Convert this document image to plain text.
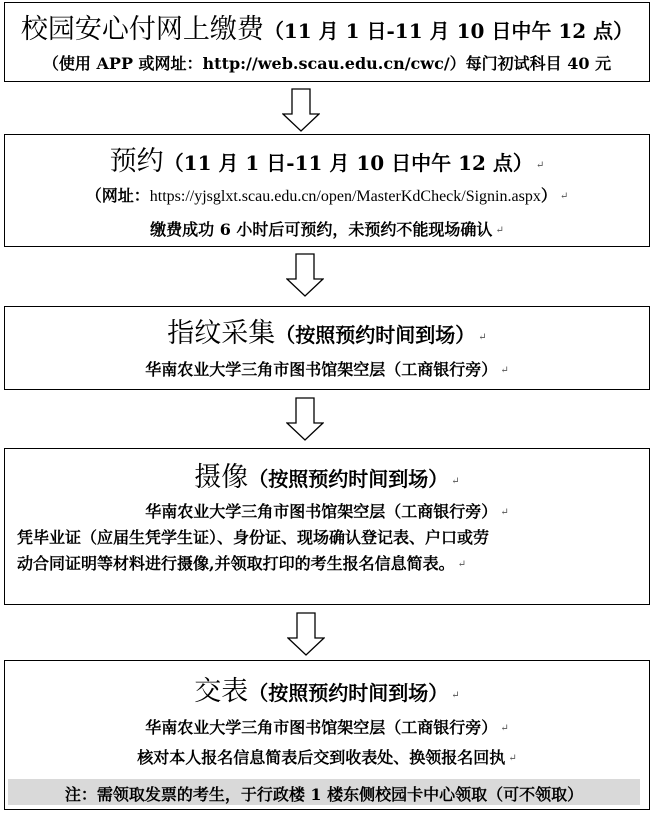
校园安心付网上缴费（11 月 1 日-11 月 10 日中午 12 点）
（使用 APP 或网址：http://web.scau.edu.cn/cwc/）每门初试科目 40 元
预约（11 月 1 日-11 月 10 日中午 12 点） ↵
（网址：https://yjsglxt.scau.edu.cn/open/MasterKdCheck/Signin.aspx） ↵
缴费成功 6 小时后可预约，未预约不能现场确认 ↵
指纹采集（按照预约时间到场） ↵
华南农业大学三角市图书馆架空层（工商银行旁） ↵
摄像（按照预约时间到场） ↵
华南农业大学三角市图书馆架空层（工商银行旁） ↵
凭毕业证（应届生凭学生证）、身份证、现场确认登记表、户口或劳
动合同证明等材料进行摄像,并领取打印的考生报名信息简表。 ↵
交表（按照预约时间到场） ↵
华南农业大学三角市图书馆架空层（工商银行旁） ↵
核对本人报名信息简表后交到收表处、换领报名回执 ↵
注：需领取发票的考生，于行政楼 1 楼东侧校园卡中心领取（可不领取）
